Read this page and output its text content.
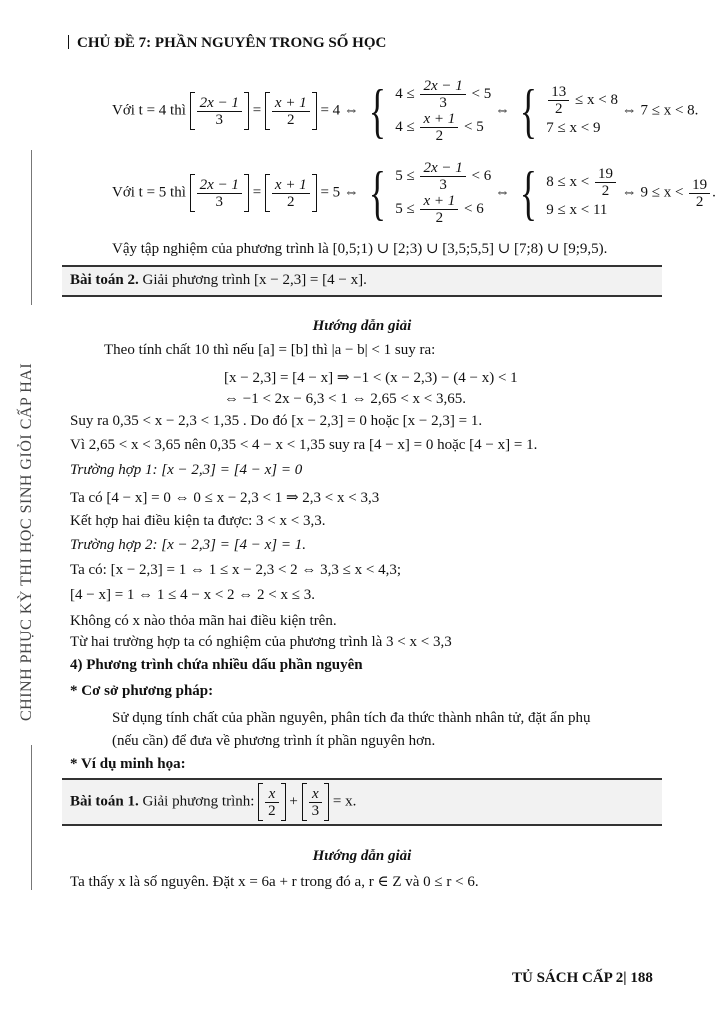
CHINH PHỤC KỲ THI HỌC SINH GIỎI CẤP HAI
CHỦ ĐỀ 7: PHẦN NGUYÊN TRONG SỐ HỌC
Với t = 4 thì $\frac{2x - 1}{3} = \frac{x + 1}{2} = 4$ ⇔ { $4 \le \frac{2x - 1}{3} < 5$
$4 \le \frac{x + 1}{2} < 5$
⇔ { $\frac{13}{2} \le x < 8$
7 ≤ x < 9
⇔ 7 ≤ x < 8.
Với t = 5 thì $\frac{2x - 1}{3} = \frac{x + 1}{2} = 5$ ⇔ { $5 \le \frac{2x - 1}{3} < 6$
$5 \le \frac{x + 1}{2} < 6$
⇔ { $8 \le x < \frac{19}{2}$
9 ≤ x < 11
⇔ $9 \le x < \frac{19}{2}$ .
Vậy tập nghiệm của phương trình là [0,5;1) ∪ [2;3) ∪ [3,5;5,5] ∪ [7;8) ∪ [9;9,5).
Bài toán 2. Giải phương trình [x − 2,3] = [4 − x].
Hướng dẫn giải
Theo tính chất 10 thì nếu [a] = [b] thì |a − b| < 1 suy ra:
[x − 2,3] = [4 − x] ⇒ −1 < (x − 2,3) − (4 − x) < 1
⇔ −1 < 2x − 6,3 < 1 ⇔ 2,65 < x < 3,65.
Suy ra 0,35 < x − 2,3 < 1,35 . Do đó [x − 2,3] = 0 hoặc [x − 2,3] = 1.
Vì 2,65 < x < 3,65 nên 0,35 < 4 − x < 1,35 suy ra [4 − x] = 0 hoặc [4 − x] = 1.
Trường hợp 1: [x − 2,3] = [4 − x] = 0
Ta có [4 − x] = 0 ⇔ 0 ≤ x − 2,3 < 1 ⇒ 2,3 < x < 3,3
Kết hợp hai điều kiện ta được: 3 < x < 3,3.
Trường hợp 2: [x − 2,3] = [4 − x] = 1.
Ta có: [x − 2,3] = 1 ⇔ 1 ≤ x − 2,3 < 2 ⇔ 3,3 ≤ x < 4,3;
[4 − x] = 1 ⇔ 1 ≤ 4 − x < 2 ⇔ 2 < x ≤ 3.
Không có x nào thỏa mãn hai điều kiện trên.
Từ hai trường hợp ta có nghiệm của phương trình là 3 < x < 3,3
4) Phương trình chứa nhiều dấu phần nguyên
* Cơ sở phương pháp:
Sử dụng tính chất của phần nguyên, phân tích đa thức thành nhân tử, đặt ẩn phụ
(nếu cần) để đưa về phương trình ít phần nguyên hơn.
* Ví dụ minh họa:
Bài toán 1. Giải phương trình: $\frac{x}{2} + \frac{x}{3} = x$.
Hướng dẫn giải
Ta thấy x là số nguyên. Đặt x = 6a + r trong đó a, r ∈ Z và 0 ≤ r < 6.
TỦ SÁCH CẤP 2| 188
